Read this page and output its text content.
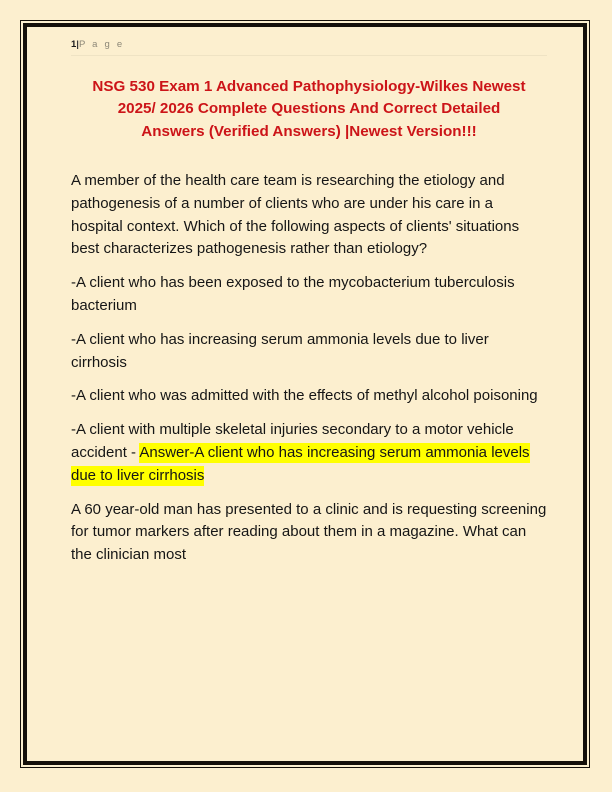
1|P a g e
NSG 530 Exam 1 Advanced Pathophysiology-Wilkes Newest 2025/ 2026 Complete Questions And Correct Detailed Answers (Verified Answers) |Newest Version!!!

A member of the health care team is researching the etiology and pathogenesis of a number of clients who are under his care in a hospital context. Which of the following aspects of clients' situations best characterizes pathogenesis rather than etiology?

-A client who has been exposed to the mycobacterium tuberculosis bacterium

-A client who has increasing serum ammonia levels due to liver cirrhosis

-A client who was admitted with the effects of methyl alcohol poisoning

-A client with multiple skeletal injuries secondary to a motor vehicle accident - Answer-A client who has increasing serum ammonia levels due to liver cirrhosis

A 60 year-old man has presented to a clinic and is requesting screening for tumor markers after reading about them in a magazine. What can the clinician most
